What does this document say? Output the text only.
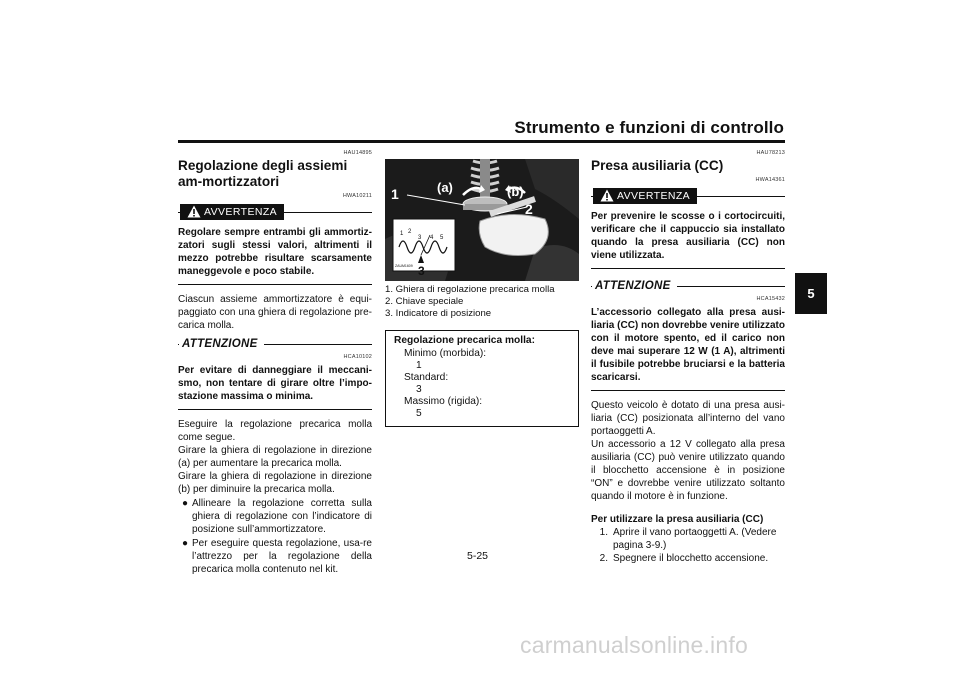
Strumento e funzioni di controllo
5
HAU14895
Regolazione degli assiemi am-mortizzatori
HWA10211
AVVERTENZA
Regolare sempre entrambi gli ammortiz-zatori sugli stessi valori, altrimenti il mezzo potrebbe risultare scarsamente maneggevole e poco stabile.
Ciascun assieme ammortizzatore è equi-paggiato con una ghiera di regolazione pre-carica molla.
ATTENZIONE
HCA10102
Per evitare di danneggiare il meccani-smo, non tentare di girare oltre l’impo-stazione massima o minima.
Eseguire la regolazione precarica molla come segue.
Girare la ghiera di regolazione in direzione (a) per aumentare la precarica molla.
Girare la ghiera di regolazione in direzione (b) per diminuire la precarica molla.
● Allineare la regolazione corretta sulla ghiera di regolazione con l’indicatore di posizione sull’ammortizzatore.
● Per eseguire questa regolazione, usa-re l’attrezzo per la regolazione della precarica molla contenuto nel kit.
1 2
3 4 5
3
ZAUM1609
1	(a)	(b)
2
1. Ghiera di regolazione precarica molla
2. Chiave speciale
3. Indicatore di posizione
Regolazione precarica molla:
Minimo (morbida):
1
Standard:
3
Massimo (rigida):
5
HAU78213
Presa ausiliaria (CC)
HWA14361
AVVERTENZA
Per prevenire le scosse o i cortocircuiti, verificare che il cappuccio sia installato quando la presa ausiliaria (CC) non viene utilizzata.
ATTENZIONE
HCA15432
L’accessorio collegato alla presa ausi-liaria (CC) non dovrebbe venire utilizzato con il motore spento, ed il carico non deve mai superare 12 W (1 A), altrimenti il fusibile potrebbe bruciarsi e la batteria scaricarsi.
Questo veicolo è dotato di una presa ausi-liaria (CC) posizionata all’interno del vano portaoggetti A.
Un accessorio a 12 V collegato alla presa ausiliaria (CC) può venire utilizzato quando il blocchetto accensione è in posizione “ON” e dovrebbe venire utilizzato soltanto quando il motore è in funzione.
Per utilizzare la presa ausiliaria (CC)
1. Aprire il vano portaoggetti A. (Vedere pagina 3-9.)
2. Spegnere il blocchetto accensione.
5-25
carmanualsonline.info
